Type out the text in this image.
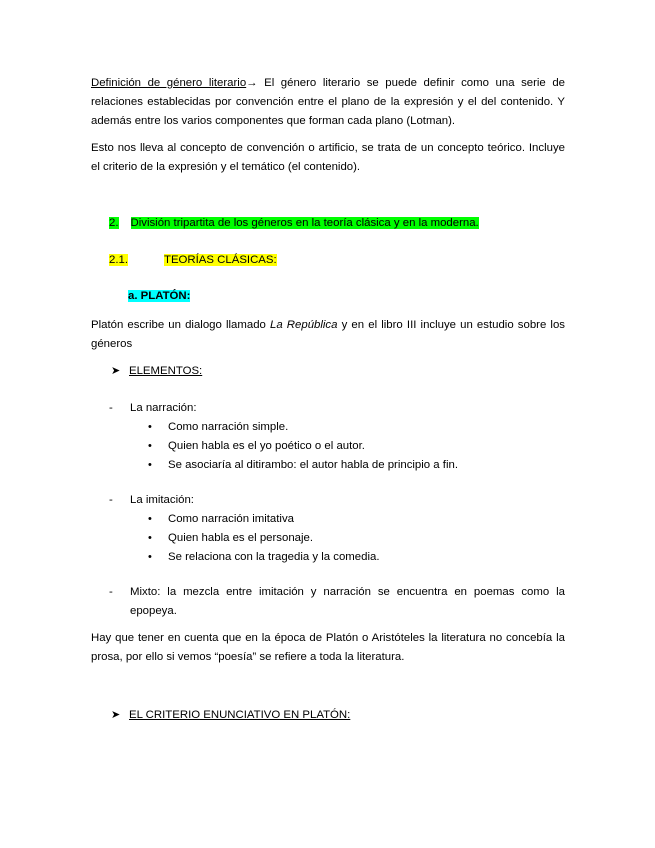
Definición de género literario→ El género literario se puede definir como una serie de relaciones establecidas por convención entre el plano de la expresión y el del contenido. Y además entre los varios componentes que forman cada plano (Lotman).
Esto nos lleva al concepto de convención o artificio, se trata de un concepto teórico. Incluye el criterio de la expresión y el temático (el contenido).
2. División tripartita de los géneros en la teoría clásica y en la moderna.
2.1.	TEORÍAS CLÁSICAS:
a. PLATÓN:
Platón escribe un dialogo llamado La República y en el libro III incluye un estudio sobre los géneros
➤ ELEMENTOS:
- La narración:
• Como narración simple.
• Quien habla es el yo poético o el autor.
• Se asociaría al ditirambo: el autor habla de principio a fin.
- La imitación:
• Como narración imitativa
• Quien habla es el personaje.
• Se relaciona con la tragedia y la comedia.
- Mixto: la mezcla entre imitación y narración se encuentra en poemas como la epopeya.
Hay que tener en cuenta que en la época de Platón o Aristóteles la literatura no concebía la prosa, por ello si vemos “poesía” se refiere a toda la literatura.
➤ EL CRITERIO ENUNCIATIVO EN PLATÓN:
